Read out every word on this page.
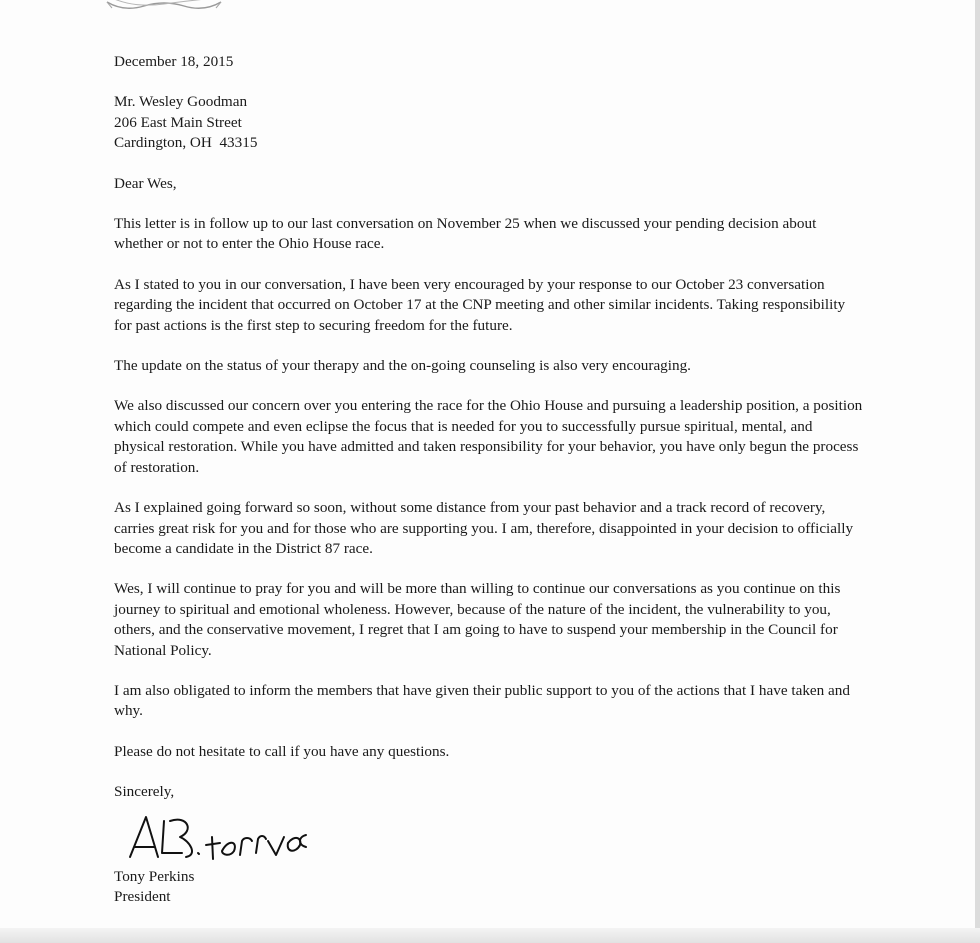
December 18, 2015

Mr. Wesley Goodman
206 East Main Street
Cardington, OH  43315

Dear Wes,

This letter is in follow up to our last conversation on November 25 when we discussed your pending decision about whether or not to enter the Ohio House race.

As I stated to you in our conversation, I have been very encouraged by your response to our October 23 conversation regarding the incident that occurred on October 17 at the CNP meeting and other similar incidents. Taking responsibility for past actions is the first step to securing freedom for the future.

The update on the status of your therapy and the on-going counseling is also very encouraging.

We also discussed our concern over you entering the race for the Ohio House and pursuing a leadership position, a position which could compete and even eclipse the focus that is needed for you to successfully pursue spiritual, mental, and physical restoration. While you have admitted and taken responsibility for your behavior, you have only begun the process of restoration.

As I explained going forward so soon, without some distance from your past behavior and a track record of recovery, carries great risk for you and for those who are supporting you. I am, therefore, disappointed in your decision to officially become a candidate in the District 87 race.

Wes, I will continue to pray for you and will be more than willing to continue our conversations as you continue on this journey to spiritual and emotional wholeness. However, because of the nature of the incident, the vulnerability to you, others, and the conservative movement, I regret that I am going to have to suspend your membership in the Council for National Policy.

I am also obligated to inform the members that have given their public support to you of the actions that I have taken and why.

Please do not hesitate to call if you have any questions.

Sincerely,

Tony Perkins
President
